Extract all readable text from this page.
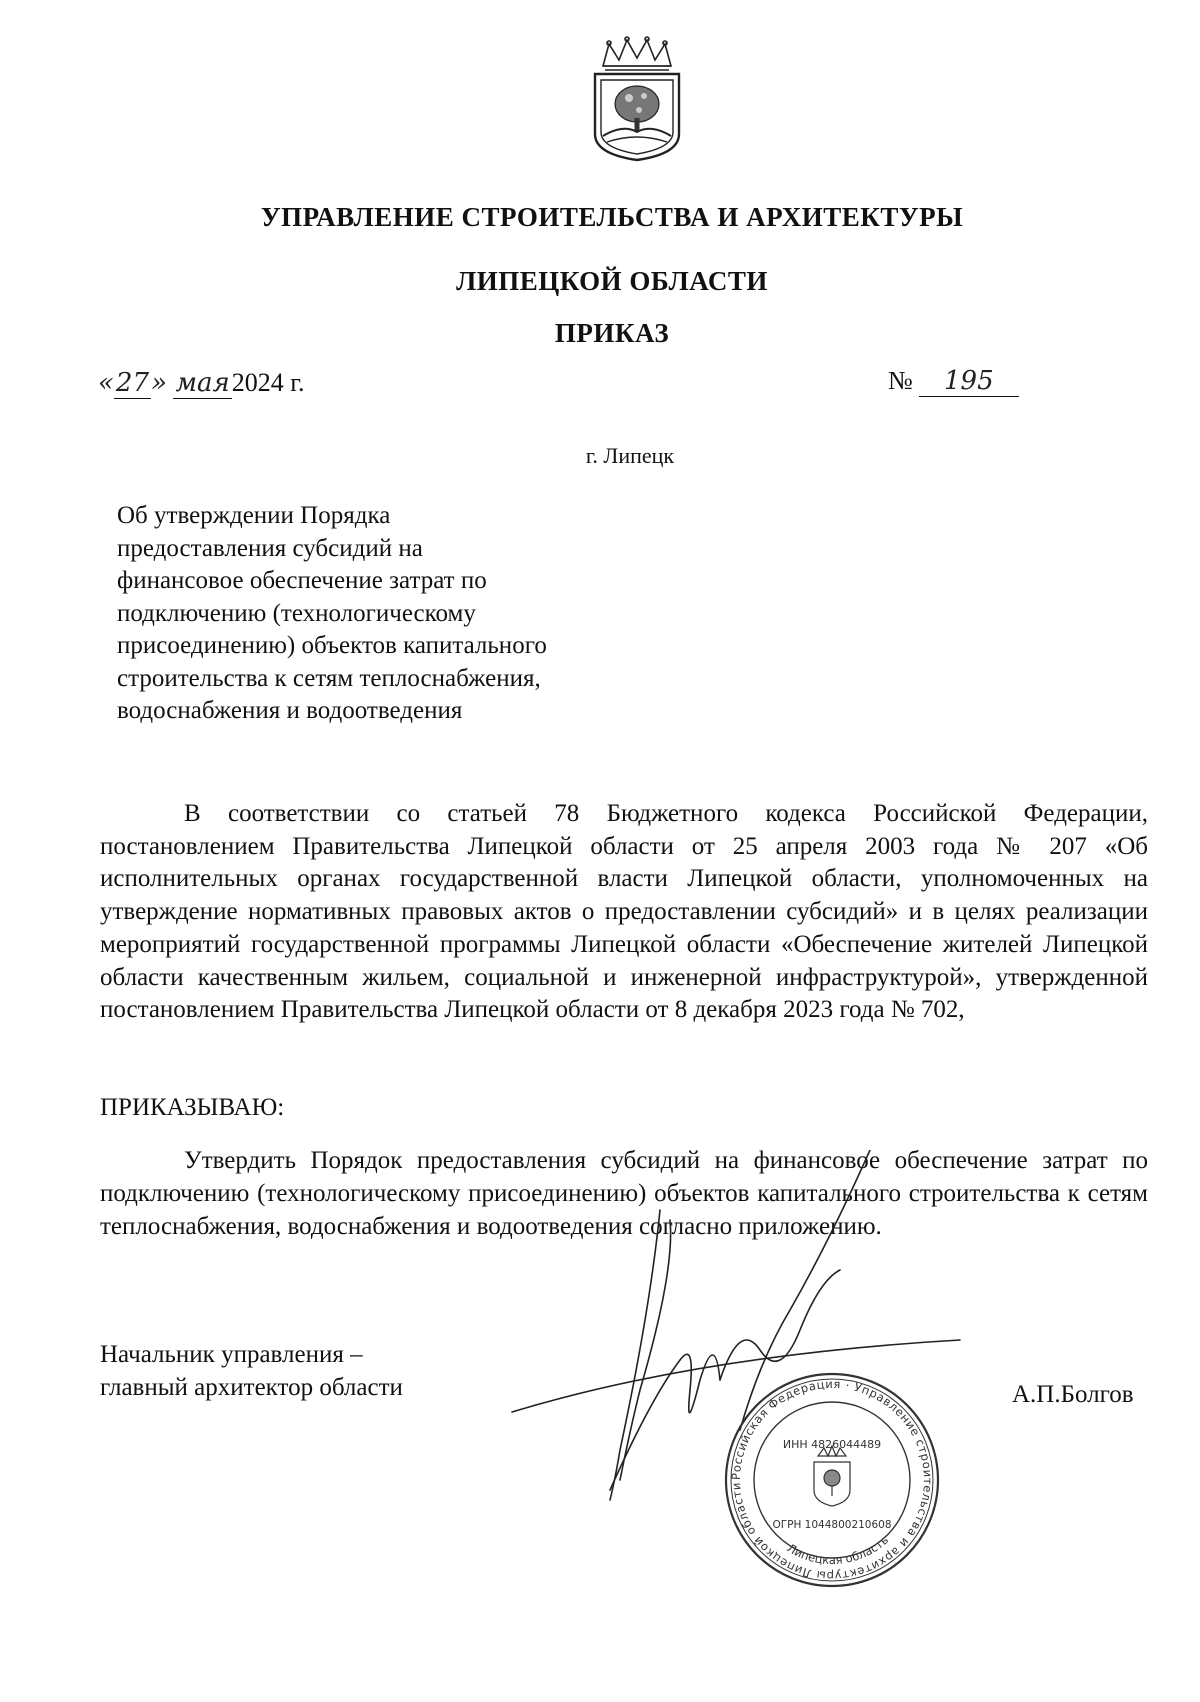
УПРАВЛЕНИЕ СТРОИТЕЛЬСТВА И АРХИТЕКТУРЫ
ЛИПЕЦКОЙ ОБЛАСТИ
ПРИКАЗ
«27» мая2024 г.	№ 195
г. Липецк
Об утверждении Порядка
предоставления субсидий на
финансовое обеспечение затрат по
подключению (технологическому
присоединению) объектов капитального
строительства к сетям теплоснабжения,
водоснабжения и водоотведения
В соответствии со статьей 78 Бюджетного кодекса Российской Федерации, постановлением Правительства Липецкой области от 25 апреля 2003 года № 207 «Об исполнительных органах государственной власти Липецкой области, уполномоченных на утверждение нормативных правовых актов о предоставлении субсидий» и в целях реализации мероприятий государственной программы Липецкой области «Обеспечение жителей Липецкой области качественным жильем, социальной и инженерной инфраструктурой», утвержденной постановлением Правительства Липецкой области от 8 декабря 2023 года № 702,
ПРИКАЗЫВАЮ:
Утвердить Порядок предоставления субсидий на финансовое обеспечение затрат по подключению (технологическому присоединению) объектов капитального строительства к сетям теплоснабжения, водоснабжения и водоотведения согласно приложению.
Начальник управления –
главный архитектор области
Российская Федерация · Управление строительства и архитектуры Липецкой области
ИНН 4826044489
ОГРН 1044800210608
Липецкая область
А.П.Болгов
